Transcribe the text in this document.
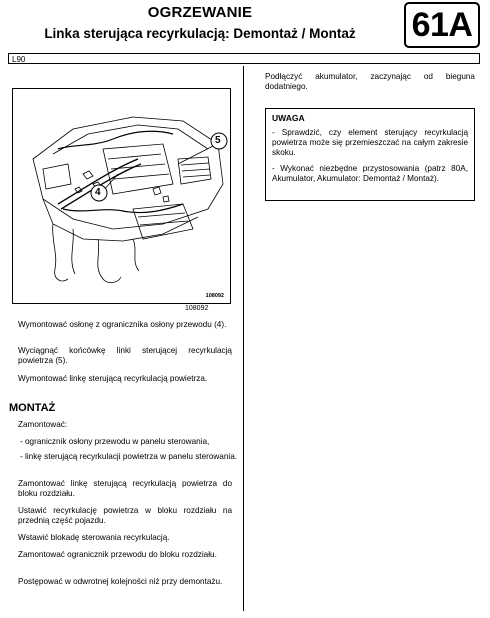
OGRZEWANIE
Linka sterująca recyrkulacją: Demontaż / Montaż	61A
L90
5
4
108092
108092
Wymontować osłonę z ogranicznika osłony przewodu (4).
Wyciągnąć końcówkę linki sterującej recyrkulacją powietrza (5).
Wymontować linkę sterującą recyrkulacją powietrza.
MONTAŻ
Zamontować:
- ogranicznik osłony przewodu w panelu sterowania,
- linkę sterującą recyrkulacji powietrza w panelu sterowania.
Zamontować linkę sterującą recyrkulacją powietrza do bloku rozdziału.
Ustawić recyrkulację powietrza w bloku rozdziału na przednią część pojazdu.
Wstawić blokadę sterowania recyrkulacją.
Zamontować ogranicznik przewodu do bloku rozdziału.
Postępować w odwrotnej kolejności niż przy demontażu.
Podłączyć akumulator, zaczynając od bieguna dodatniego.
UWAGA

- Sprawdzić, czy element sterujący recyrkulacją powietrza może się przemieszczać na całym zakresie skoku.

- Wykonać niezbędne przystosowania (patrz 80A, Akumulator, Akumulator: Demontaż / Montaż).
